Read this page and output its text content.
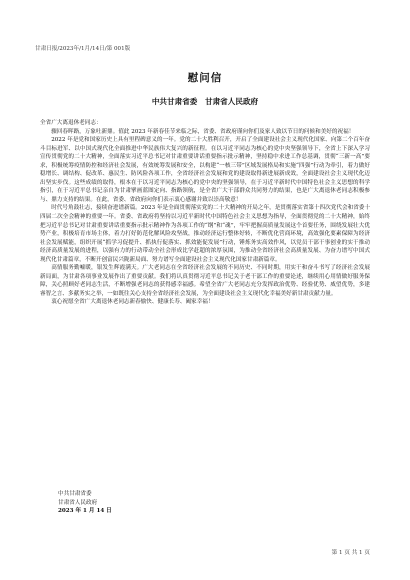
甘肃日报/2023年/1月/14日/第 001版
慰问信
中共甘肃省委　甘肃省人民政府

全省广大离退休老同志：

骤回春晖路，万象吐新鼎。值此 2023 年新春佳节来临之际，省委、省政府谨向你们及家人致以节日的问候和美好的祝福！

2022 年是党和国家历史上具有里程碑意义的一年。党的二十大胜利召开，开启了全面建设社会主义现代化国家、向第二个百年奋斗目标进军、以中国式现代化全面推进中华民族伟大复兴的新征程。在以习近平同志为核心的党中央坚强领导下，全省上下深入学习宣传贯彻党的二十大精神，全面落实习近平总书记对甘肃重要讲话重要指示批示精神，坚持稳中求进工作总基调，贯彻“三新一高”要求，积极统筹疫情防控和经济社会发展，有效统筹发展和安全，以构建“一核三带”区域发展格局和实施“四强”行动为牵引，着力做好稳增长、调结构、促改革、惠民生、防风险各项工作，全省经济社会发展和党的建设取得新进展新成效，全面建设社会主义现代化迈出坚实步伐。这些成绩的取得，根本在于以习近平同志为核心的党中央的坚强领导，在于习近平新时代中国特色社会主义思想的科学指引，在于习近平总书记亲自为甘肃擘画蓝图定向、指路领航，是全省广大干部群众共同努力的结果，也是广大离退休老同志积极参与、鼎力支持的结果。在此，省委、省政府向你们表示衷心感谢并致以崇高敬意！

时代号角鼓壮志，接续奋进谱新篇。2023 年是全面贯彻落实党的二十大精神的开局之年，是贯彻落实省第十四次党代会和省委十四届二次全会精神的重要一年。省委、省政府将坚持以习近平新时代中国特色社会主义思想为指导，全面贯彻党的二十大精神，始终把习近平总书记对甘肃重要讲话重要指示批示精神作为各项工作的“纲”和“魂”，牢牢把握高质量发展这个首要任务，围绕发展壮大优势产业，积极培育市场主体，着力打好防范化解风险攻坚战，推动经济运行整体好转，不断优化营商环境，高效强化要素保障为经济社会发展赋能，组织开展“抓学习促提升、抓执行促落实、抓效能促发展”行动，锤炼务实高效作风，以党员干部干事创业的实干推动经济高质量发展的进程，以强有力的行动带动全社会形成比学赶超的浓厚氛围，为推动全省经济社会高质量发展、为奋力谱写中国式现代化甘肃篇章，不断开创富民兴陇新局面、努力谱写全面建设社会主义现代化国家甘肃新篇章。

高情服务勤嘘暖，银发生辉霞满天。广大老同志在全省经济社会发展的不同历史、不同时期，用实干和奋斗书写了经济社会发展新局面，为甘肃各项事业发展作出了重要贡献。我们将认真贯彻习近平总书记关于老干部工作的重要论述，继续用心用情做好服务保障，关心照顾好老同志生活，不断增强老同志的获得感幸福感。希望全省广大老同志充分发挥政治优势、经验优势、威望优势，多建睿智之言、多献务实之举，一如既往关心支持全省经济社会发展，为全面建设社会主义现代化幸福美好新甘肃贡献力量。

衷心祝愿全省广大离退休老同志新春愉快、健康长寿、阖家幸福！

中共甘肃省委
甘肃省人民政府
2023 年 1 月 14 日
第 1 页 共 1 页
